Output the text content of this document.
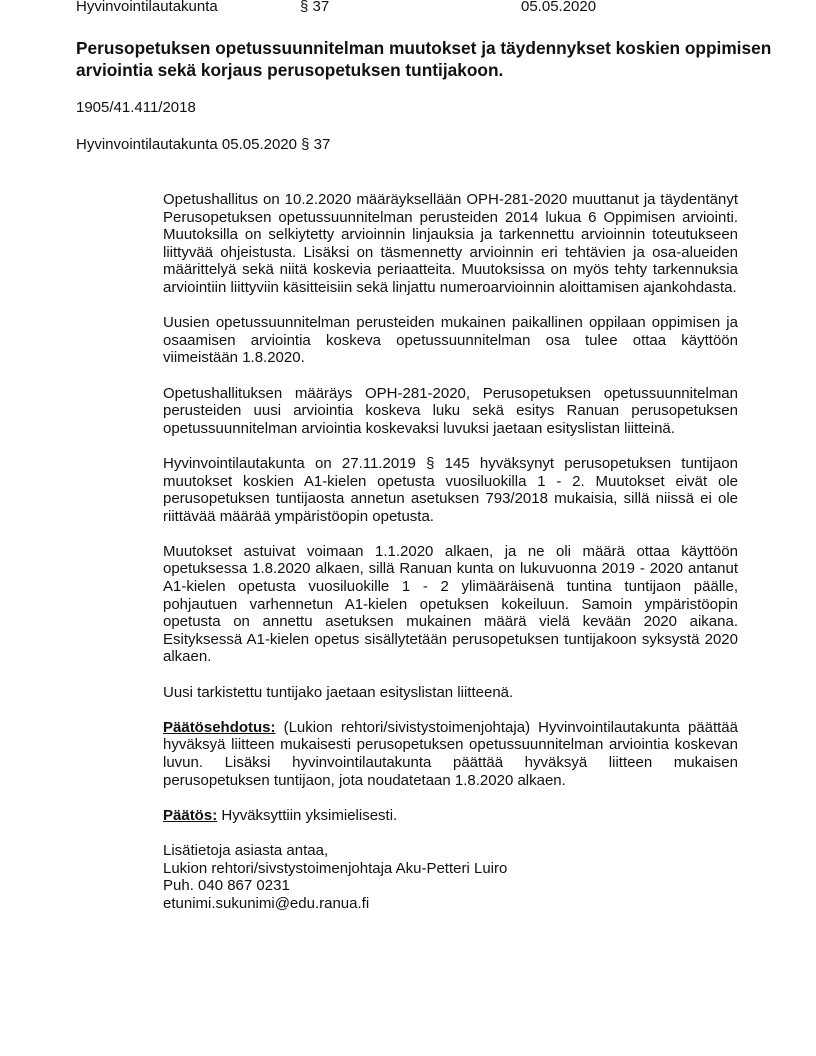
Hyvinvointilautakunta	§ 37	05.05.2020
Perusopetuksen opetussuunnitelman muutokset ja täydennykset koskien oppimisen arviointia sekä korjaus perusopetuksen tuntijakoon.
1905/41.411/2018
Hyvinvointilautakunta 05.05.2020 § 37

Opetushallitus on 10.2.2020 määräyksellään OPH-281-2020 muuttanut ja täydentänyt Perusopetuksen opetussuunnitelman perusteiden 2014 lukua 6 Oppimisen arviointi. Muutoksilla on selkiytetty arvioinnin linjauksia ja tarkennettu arvioinnin toteutukseen liittyvää ohjeistusta. Lisäksi on täsmennetty arvioinnin eri tehtävien ja osa-alueiden määrittelyä sekä niitä koskevia periaatteita. Muutoksissa on myös tehty tarkennuksia arviointiin liittyviin käsitteisiin sekä linjattu numeroarvioinnin aloittamisen ajankohdasta.

Uusien opetussuunnitelman perusteiden mukainen paikallinen oppilaan oppimisen ja osaamisen arviointia koskeva opetussuunnitelman osa tulee ottaa käyttöön viimeistään 1.8.2020.

Opetushallituksen määräys OPH-281-2020, Perusopetuksen opetussuunnitelman perusteiden uusi arviointia koskeva luku sekä esitys Ranuan perusopetuksen opetussuunnitelman arviointia koskevaksi luvuksi jaetaan esityslistan liitteinä.

Hyvinvointilautakunta on 27.11.2019 § 145 hyväksynyt perusopetuksen tuntijaon muutokset koskien A1-kielen opetusta vuosiluokilla 1 - 2. Muutokset eivät ole perusopetuksen tuntijaosta annetun asetuksen 793/2018 mukaisia, sillä niissä ei ole riittävää määrää ympäristöopin opetusta.

Muutokset astuivat voimaan 1.1.2020 alkaen, ja ne oli määrä ottaa käyttöön opetuksessa 1.8.2020 alkaen, sillä Ranuan kunta on lukuvuonna 2019 - 2020 antanut A1-kielen opetusta vuosiluokille 1 - 2 ylimääräisenä tuntina tuntijaon päälle, pohjautuen varhennetun A1-kielen opetuksen kokeiluun. Samoin ympäristöopin opetusta on annettu asetuksen mukainen määrä vielä kevään 2020 aikana. Esityksessä A1-kielen opetus sisällytetään perusopetuksen tuntijakoon syksystä 2020 alkaen.

Uusi tarkistettu tuntijako jaetaan esityslistan liitteenä.

Päätösehdotus: (Lukion rehtori/sivistystoimenjohtaja) Hyvinvointilautakunta päättää hyväksyä liitteen mukaisesti perusopetuksen opetussuunnitelman arviointia koskevan luvun. Lisäksi hyvinvointilautakunta päättää hyväksyä liitteen mukaisen perusopetuksen tuntijaon, jota noudatetaan 1.8.2020 alkaen.

Päätös: Hyväksyttiin yksimielisesti.

Lisätietoja asiasta antaa,

Lukion rehtori/sivstystoimenjohtaja Aku-Petteri Luiro

Puh. 040 867 0231

etunimi.sukunimi@edu.ranua.fi
